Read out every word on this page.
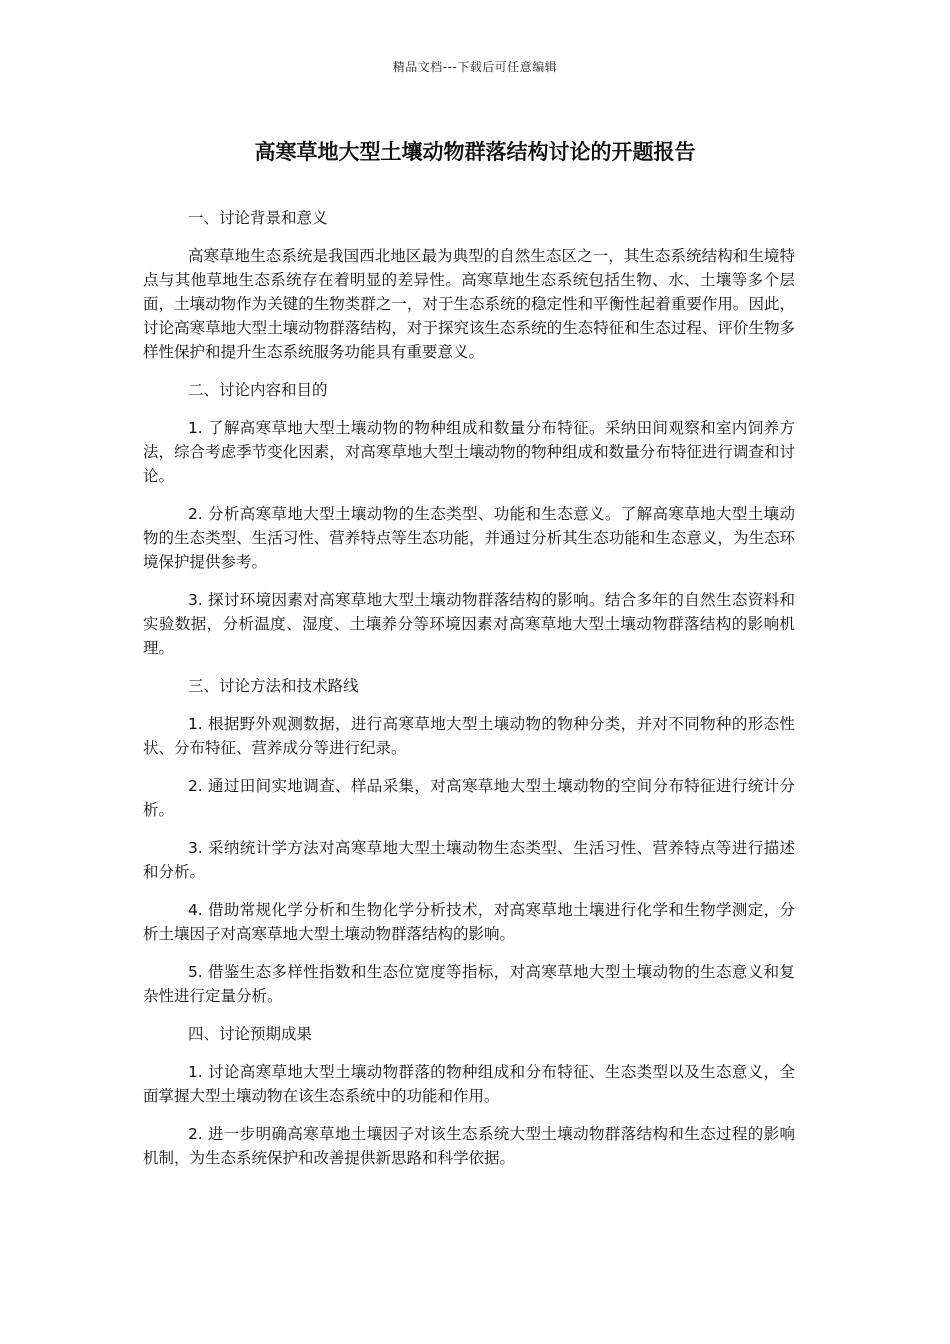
精品文档---下载后可任意编辑
高寒草地大型土壤动物群落结构讨论的开题报告

一、讨论背景和意义

高寒草地生态系统是我国西北地区最为典型的自然生态区之一，其生态系统结构和生境特点与其他草地生态系统存在着明显的差异性。高寒草地生态系统包括生物、水、土壤等多个层面，土壤动物作为关键的生物类群之一，对于生态系统的稳定性和平衡性起着重要作用。因此，讨论高寒草地大型土壤动物群落结构，对于探究该生态系统的生态特征和生态过程、评价生物多样性保护和提升生态系统服务功能具有重要意义。

二、讨论内容和目的

1. 了解高寒草地大型土壤动物的物种组成和数量分布特征。采纳田间观察和室内饲养方法，综合考虑季节变化因素，对高寒草地大型土壤动物的物种组成和数量分布特征进行调查和讨论。

2. 分析高寒草地大型土壤动物的生态类型、功能和生态意义。了解高寒草地大型土壤动物的生态类型、生活习性、营养特点等生态功能，并通过分析其生态功能和生态意义，为生态环境保护提供参考。

3. 探讨环境因素对高寒草地大型土壤动物群落结构的影响。结合多年的自然生态资料和实验数据，分析温度、湿度、土壤养分等环境因素对高寒草地大型土壤动物群落结构的影响机理。

三、讨论方法和技术路线

1. 根据野外观测数据，进行高寒草地大型土壤动物的物种分类，并对不同物种的形态性状、分布特征、营养成分等进行纪录。

2. 通过田间实地调查、样品采集，对高寒草地大型土壤动物的空间分布特征进行统计分析。

3. 采纳统计学方法对高寒草地大型土壤动物生态类型、生活习性、营养特点等进行描述和分析。

4. 借助常规化学分析和生物化学分析技术，对高寒草地土壤进行化学和生物学测定，分析土壤因子对高寒草地大型土壤动物群落结构的影响。

5. 借鉴生态多样性指数和生态位宽度等指标，对高寒草地大型土壤动物的生态意义和复杂性进行定量分析。

四、讨论预期成果

1. 讨论高寒草地大型土壤动物群落的物种组成和分布特征、生态类型以及生态意义，全面掌握大型土壤动物在该生态系统中的功能和作用。

2. 进一步明确高寒草地土壤因子对该生态系统大型土壤动物群落结构和生态过程的影响机制，为生态系统保护和改善提供新思路和科学依据。
